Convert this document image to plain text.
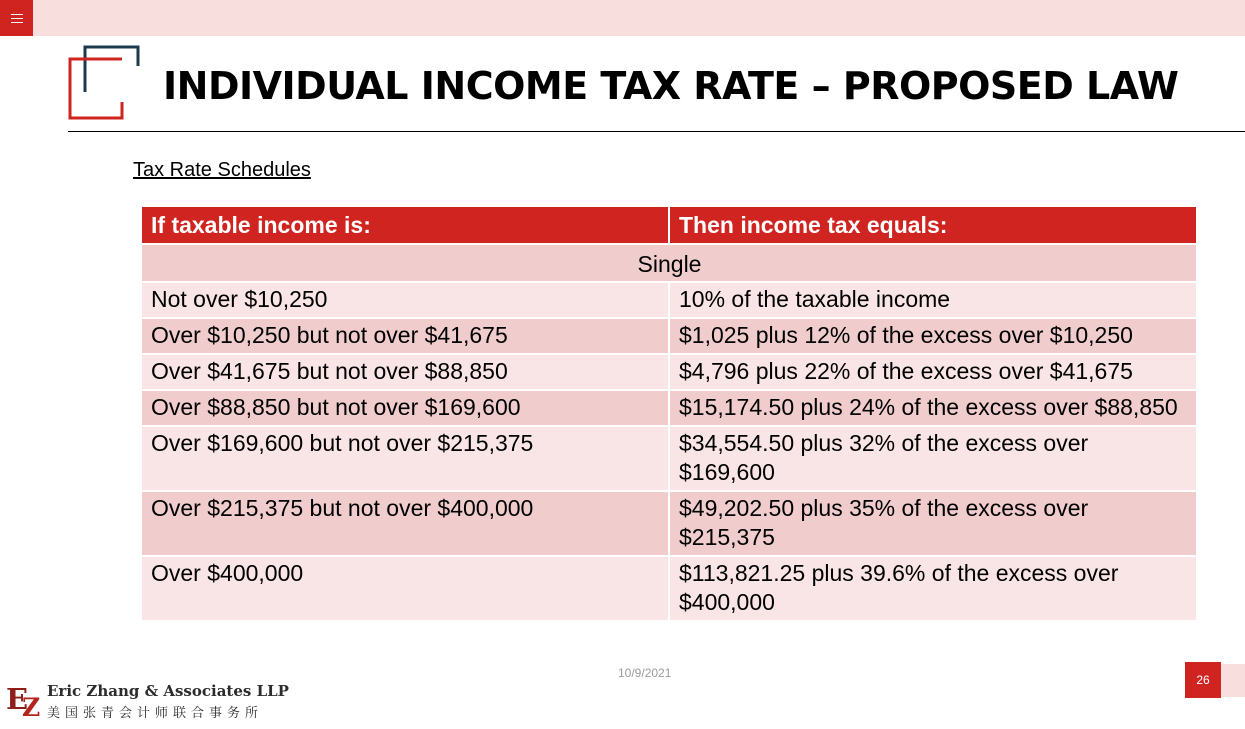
INDIVIDUAL INCOME TAX RATE – PROPOSED LAW
Tax Rate Schedules
10/9/2021
If taxable income is:	Then income tax equals:
Single	
Not over $10,250	10% of the taxable income
Over $10,250 but not over $41,675	$1,025 plus 12% of the excess over $10,250
Over $41,675 but not over $88,850	$4,796 plus 22% of the excess over $41,675
Over $88,850 but not over $169,600	$15,174.50 plus 24% of the excess over $88,850
Over $169,600 but not over $215,375	$34,554.50 plus 32% of the excess over $169,600
Over $215,375 but not over $400,000	$49,202.50 plus 35% of the excess over $215,375
Over $400,000	$113,821.25 plus 39.6% of the excess over $400,000
26
E
Z
Eric Zhang & Associates LLP
美国张青会计师联合事务所
